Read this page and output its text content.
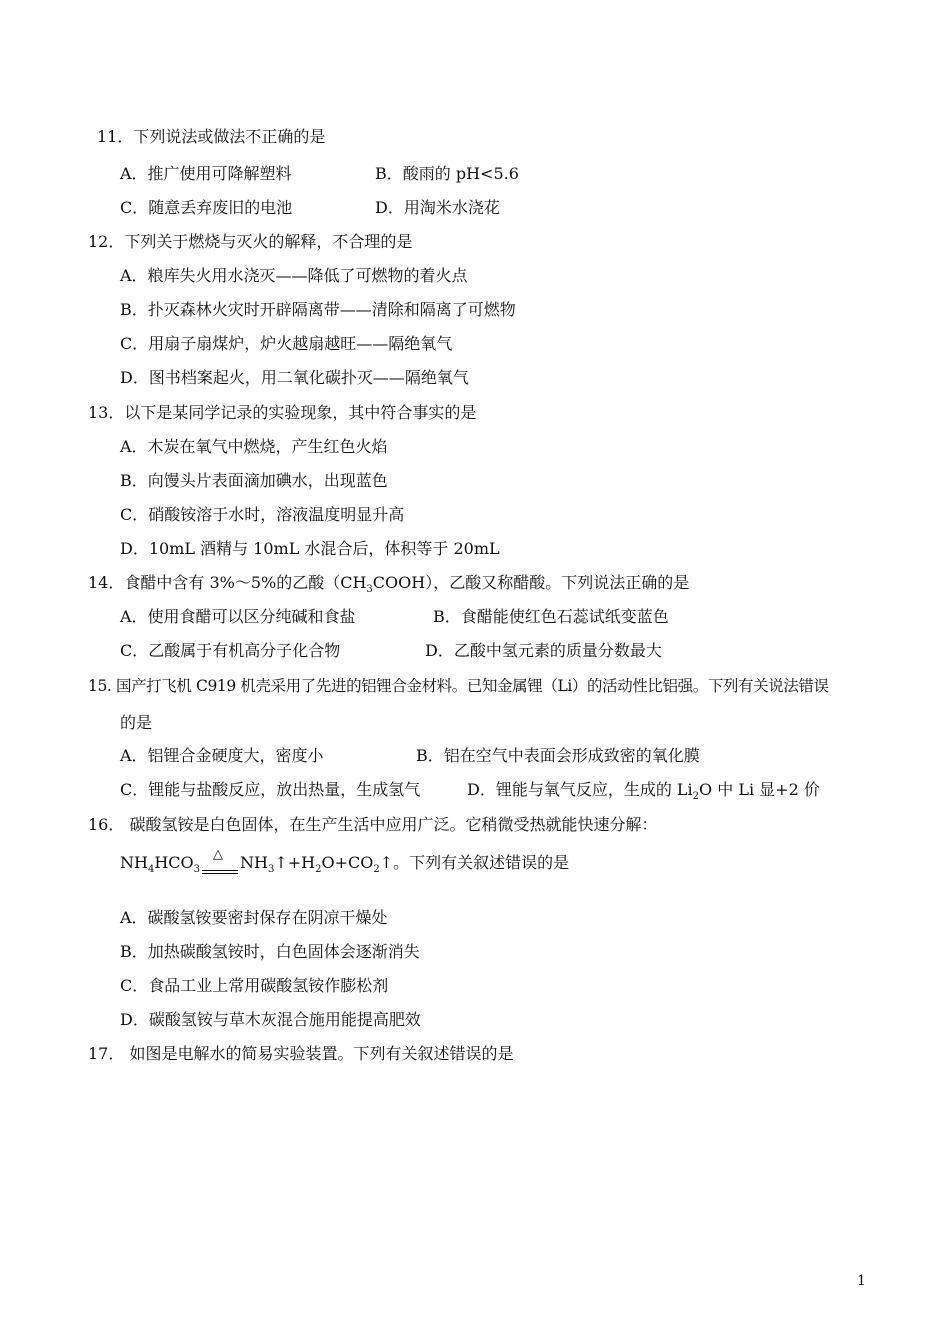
11．下列说法或做法不正确的是
A．推广使用可降解塑料	B．酸雨的 pH<5.6
C．随意丢弃废旧的电池	D．用淘米水浇花
12．下列关于燃烧与灭火的解释，不合理的是
A．粮库失火用水浇灭——降低了可燃物的着火点
B．扑灭森林火灾时开辟隔离带——清除和隔离了可燃物
C．用扇子扇煤炉，炉火越扇越旺——隔绝氧气
D．图书档案起火，用二氧化碳扑灭——隔绝氧气
13．以下是某同学记录的实验现象，其中符合事实的是
A．木炭在氧气中燃烧，产生红色火焰
B．向馒头片表面滴加碘水，出现蓝色
C．硝酸铵溶于水时，溶液温度明显升高
D．10mL 酒精与 10mL 水混合后，体积等于 20mL
14．食醋中含有 3%～5%的乙酸$(CH_3COOH)$，乙酸又称醋酸。下列说法正确的是
A．使用食醋可以区分纯碱和食盐	B．食醋能使红色石蕊试纸变蓝色
C．乙酸属于有机高分子化合物	D．乙酸中氢元素的质量分数最大
15. 国产打飞机 C919 机壳采用了先进的铝锂合金材料。已知金属锂（Li）的活动性比铝强。下列有关说法错误
的是
A．铝锂合金硬度大，密度小	B．铝在空气中表面会形成致密的氧化膜
C．锂能与盐酸反应，放出热量，生成氢气	D．锂能与氧气反应，生成的 $Li_2O$ 中 Li 显+2 价
16． 碳酸氢铵是白色固体，在生产生活中应用广泛。它稍微受热就能快速分解：
$NH_4HCO_3$
△ $NH_3↑+H_2O+CO_2↑$。下列有关叙述错误的是
A．碳酸氢铵要密封保存在阴凉干燥处
B．加热碳酸氢铵时，白色固体会逐渐消失
C．食品工业上常用碳酸氢铵作膨松剂
D．碳酸氢铵与草木灰混合施用能提高肥效
17． 如图是电解水的简易实验装置。下列有关叙述错误的是
1
